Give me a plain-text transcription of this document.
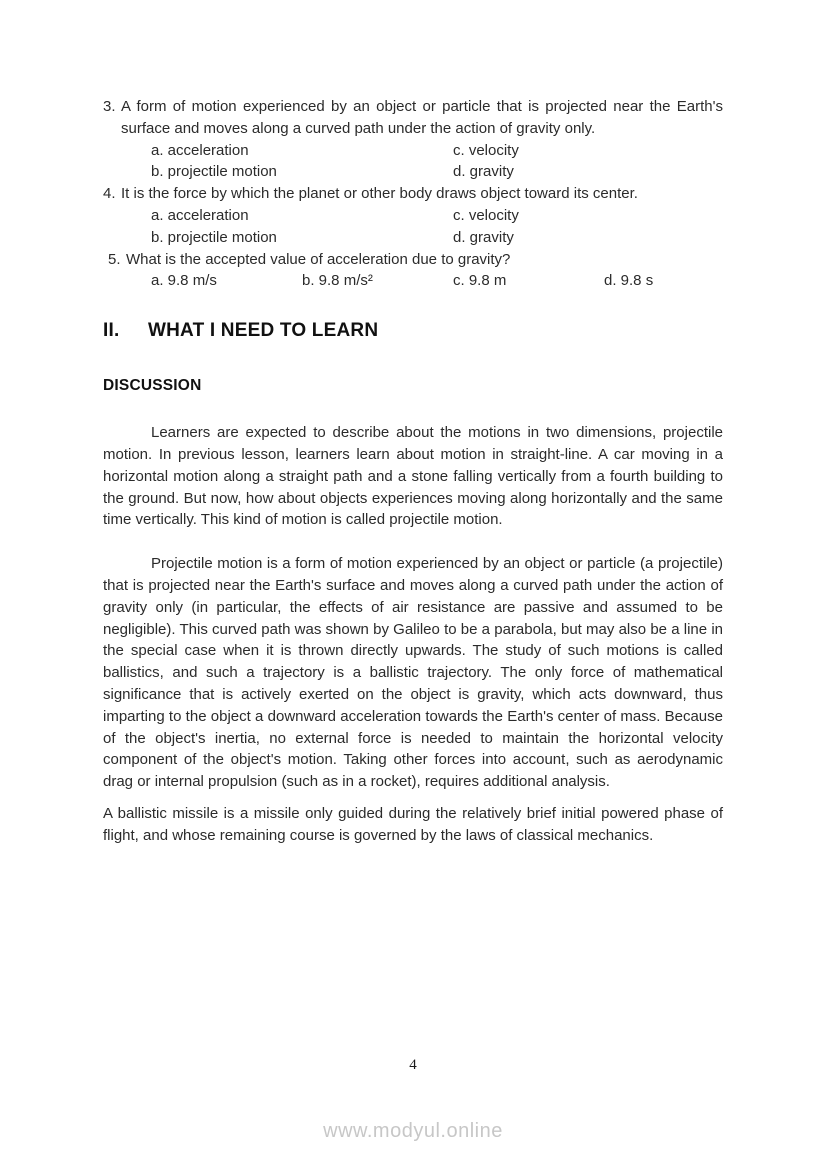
3. A form of motion experienced by an object or particle that is projected near the Earth's surface and moves along a curved path under the action of gravity only.
a. acceleration
b. projectile motion
c. velocity
d. gravity
4. It is the force by which the planet or other body draws object toward its center.
a. acceleration
b. projectile motion
c. velocity
d. gravity
5. What is the accepted value of acceleration due to gravity?
a. 9.8 m/s	b. 9.8 m/s²	c. 9.8 m	d. 9.8 s
II.	WHAT I NEED TO LEARN
DISCUSSION

Learners are expected to describe about the motions in two dimensions, projectile motion. In previous lesson, learners learn about motion in straight-line. A car moving in a horizontal motion along a straight path and a stone falling vertically from a fourth building to the ground. But now, how about objects experiences moving along horizontally and the same time vertically. This kind of motion is called projectile motion.

Projectile motion is a form of motion experienced by an object or particle (a projectile) that is projected near the Earth's surface and moves along a curved path under the action of gravity only (in particular, the effects of air resistance are passive and assumed to be negligible). This curved path was shown by Galileo to be a parabola, but may also be a line in the special case when it is thrown directly upwards. The study of such motions is called ballistics, and such a trajectory is a ballistic trajectory. The only force of mathematical significance that is actively exerted on the object is gravity, which acts downward, thus imparting to the object a downward acceleration towards the Earth's center of mass. Because of the object's inertia, no external force is needed to maintain the horizontal velocity component of the object's motion. Taking other forces into account, such as aerodynamic drag or internal propulsion (such as in a rocket), requires additional analysis.

A ballistic missile is a missile only guided during the relatively brief initial powered phase of flight, and whose remaining course is governed by the laws of classical mechanics.

4
www.modyul.online
